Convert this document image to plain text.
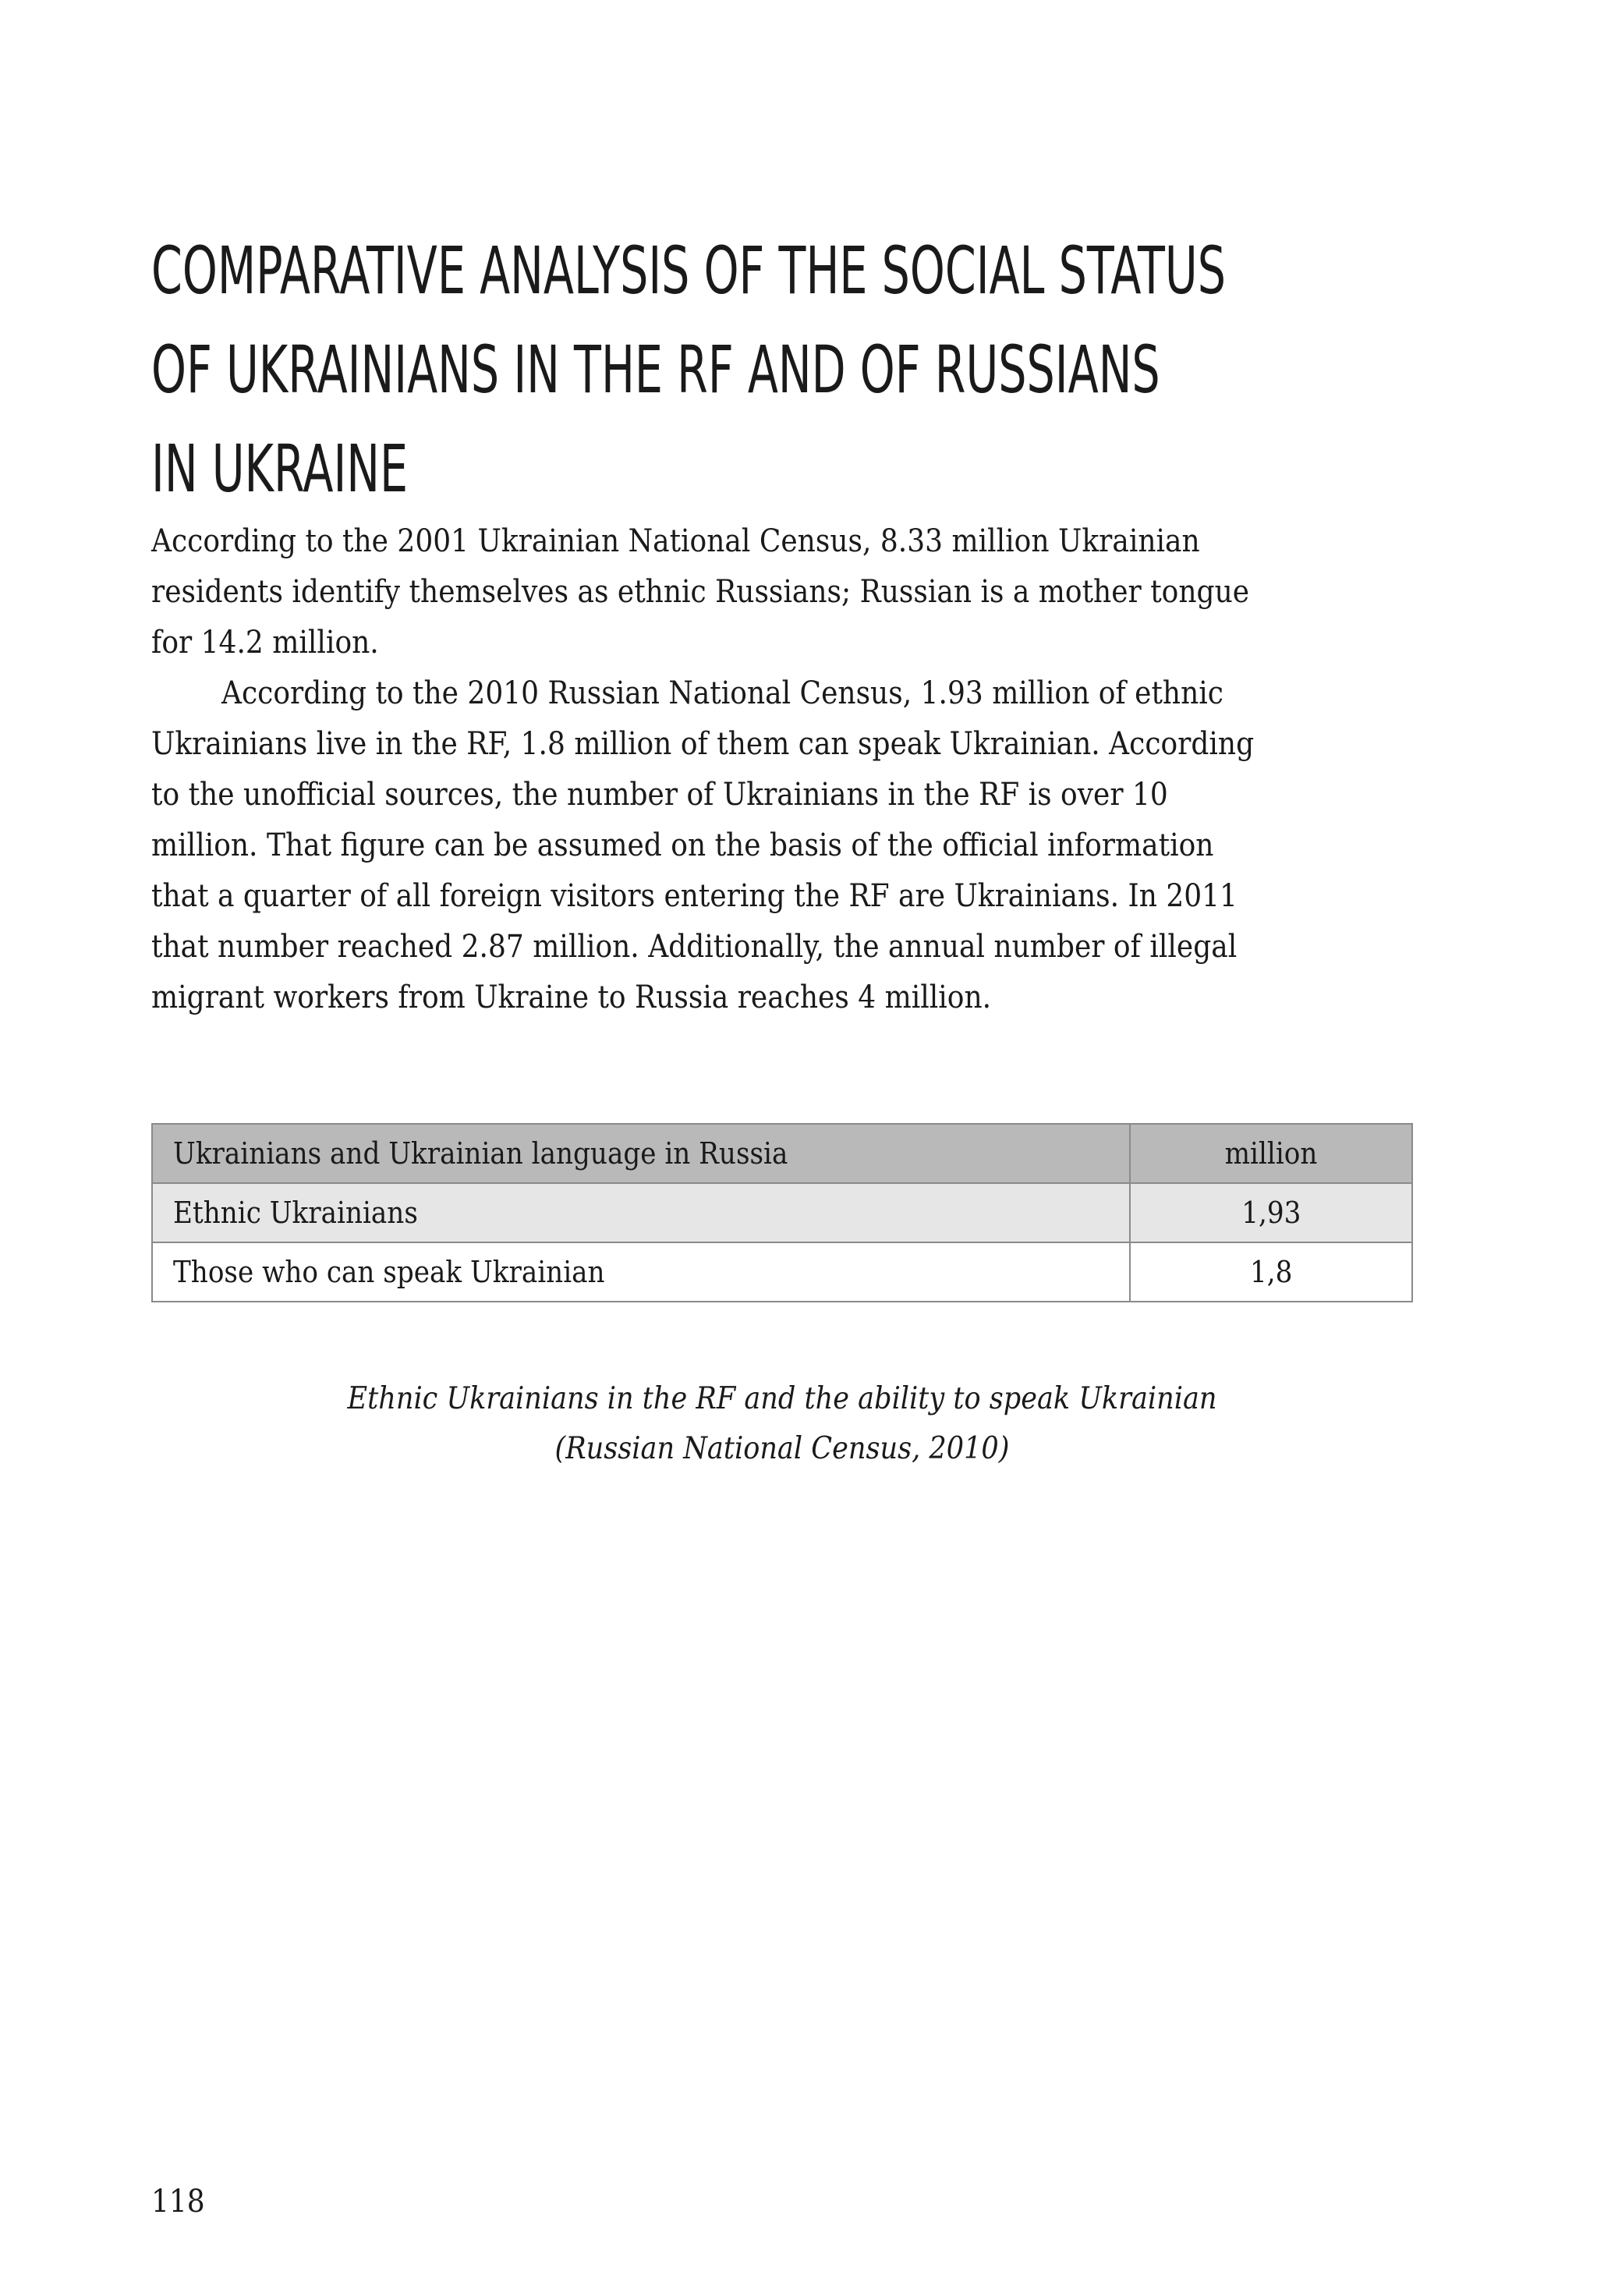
COMPARATIVE ANALYSIS OF THE SOCIAL STATUS
OF UKRAINIANS IN THE RF AND OF RUSSIANS
IN UKRAINE

According to the 2001 Ukrainian National Census, 8.33 million Ukrainian

residents identify themselves as ethnic Russians; Russian is a mother tongue

for 14.2 million.

According to the 2010 Russian National Census, 1.93 million of ethnic

Ukrainians live in the RF, 1.8 million of them can speak Ukrainian. According

to the unofficial sources, the number of Ukrainians in the RF is over 10

million. That figure can be assumed on the basis of the official information

that a quarter of all foreign visitors entering the RF are Ukrainians. In 2011

that number reached 2.87 million. Additionally, the annual number of illegal

migrant workers from Ukraine to Russia reaches 4 million.

Ukrainians and Ukrainian language in Russia	million
Ethnic Ukrainians	1,93
Those who can speak Ukrainian	1,8
Ethnic Ukrainians in the RF and the ability to speak Ukrainian
(Russian National Census, 2010)
118
